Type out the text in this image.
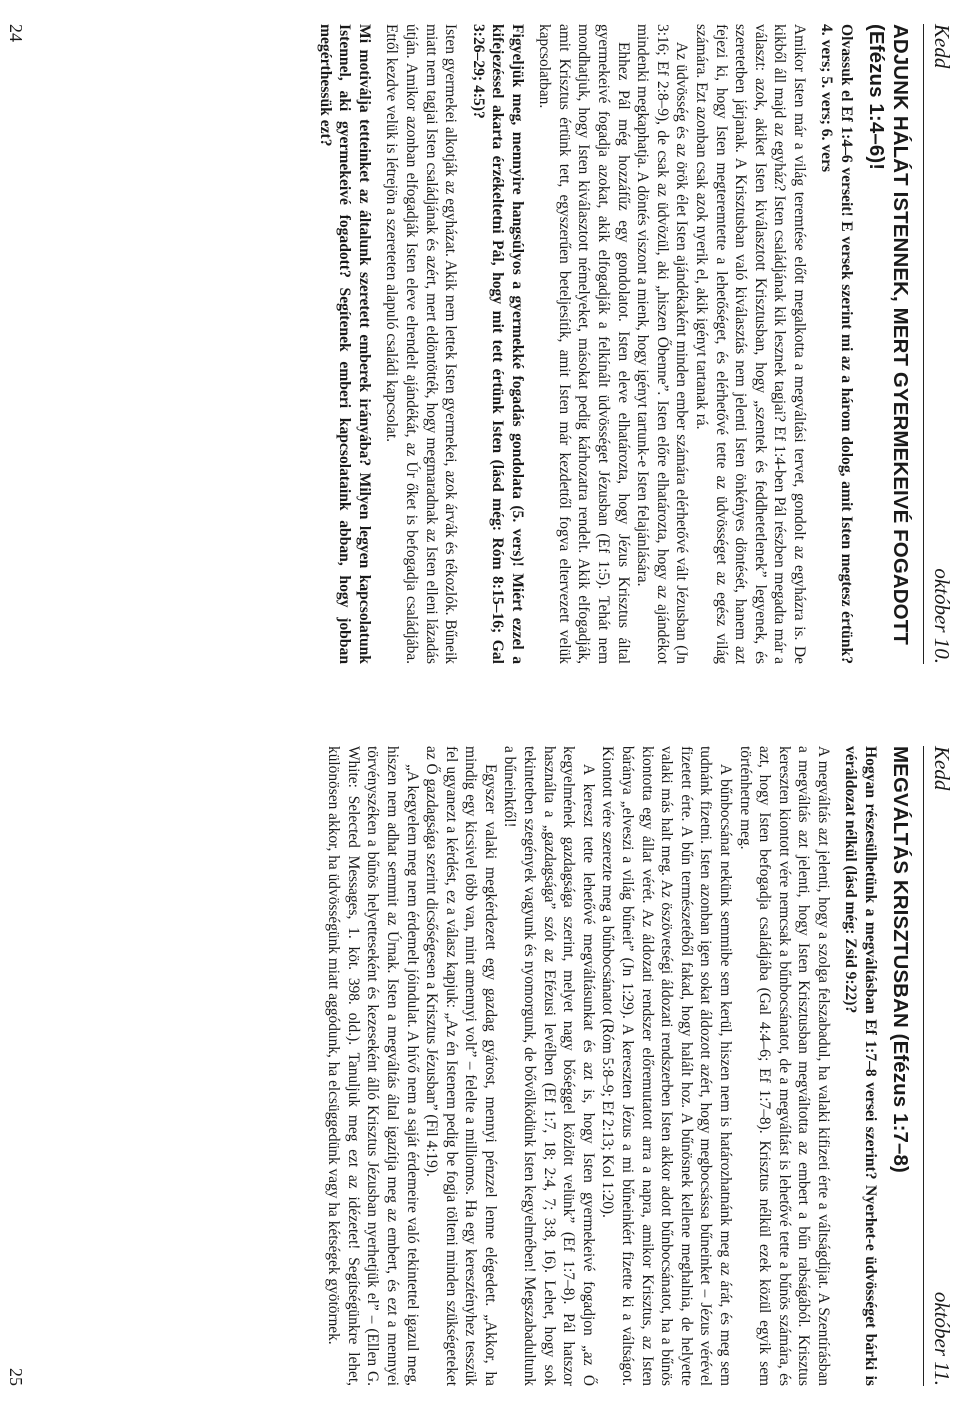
Kedd
október 10.
ADJUNK HÁLÁT ISTENNEK, MERT GYERMEKEIVÉ FOGADOTT (Efézus 1:4–6)!

Olvassuk el Ef 1:4–6 verseit! E versek szerint mi az a három dolog, amit Isten megtesz értünk? 4. vers; 5. vers; 6. vers

Amikor Isten már a világ teremtése előtt megalkotta a megváltási tervet, gondolt az egyházra is. De kikből áll majd az egyház? Isten családjának kik lesznek tagjai? Ef 1:4-ben Pál részben megadta már a választ: azok, akiket Isten kiválasztott Krisztusban, hogy „szentek és feddhetetlenek” legyenek, és szeretetben járjanak. A Krisztusban való kiválasztás nem jelenti Isten önkényes döntését, hanem azt fejezi ki, hogy Isten megteremtette a lehetőséget, és elérhetővé tette az üdvösséget az egész világ számára. Ezt azonban csak azok nyerik el, akik igényt tartanak rá.

Az üdvösség és az örök élet Isten ajándékaként minden ember számára elérhetővé vált Jézusban (Jn 3:16; Ef 2:8–9), de csak az üdvözül, aki „hiszen Őbenne”. Isten előre elhatározta, hogy az ajándékot mindenki megkaphatja. A döntés viszont a mienk, hogy igényt tartunk-e Isten felajánlására.

Ehhez Pál még hozzáfűz egy gondolatot. Isten eleve elhatározta, hogy Jézus Krisztus által gyermekeivé fogadja azokat, akik elfogadják a felkínált üdvösséget Jézusban (Ef 1:5). Tehát nem mondhatjuk, hogy Isten kiválasztott némelyeket, másokat pedig kárhozatra rendelt. Akik elfogadják, amit Krisztus értünk tett, egyszerűen beteljesítik, amit Isten már kezdettől fogva eltervezett velük kapcsolatban.

Figyeljük meg, mennyire hangsúlyos a gyermekké fogadás gondolata (5. vers)! Miért ezzel a kifejezéssel akarta érzékeltetni Pál, hogy mit tett értünk Isten (lásd még: Róm 8:15–16; Gal 3:26–29; 4:5)?

Isten gyermekei alkotják az egyházat. Akik nem lettek Isten gyermekei, azok árvák és tékozlók. Bűneik miatt nem tagjai Isten családjának és azért, mert eldöntötték, hogy megmaradnak az Isten elleni lázadás útján. Amikor azonban elfogadják Isten eleve elrendelt ajándékát, az Úr őket is befogadja családjába. Ettől kezdve velük is létrejön a szereteten alapuló családi kapcsolat.

Mi motiválja tetteinket az általunk szeretett emberek irányába? Milyen legyen kapcsolatunk Istennel, aki gyermekeivé fogadott? Segítenek emberi kapcsolataink abban, hogy jobban megérthessük ezt?

24
Kedd
október 11.
MEGVÁLTÁS KRISZTUSBAN (Efézus 1:7–8)

Hogyan részesülhetünk a megváltásban Ef 1:7–8 versei szerint? Nyerhet-e üdvösséget bárki is véráldozat nélkül (lásd még: Zsid 9:22)?

A megváltás azt jelenti, hogy a szolga felszabadul, ha valaki kifizeti érte a váltságdíjat. A Szentírásban a megváltás azt jelenti, hogy Isten Krisztusban megváltotta az embert a bűn rabságából. Krisztus kereszten kiontott vére nemcsak a bűnbocsánatot, de a megváltást is lehetővé tette a bűnös számára, és azt, hogy Isten befogadja családjába (Gal 4:4–6; Ef 1:7–8). Krisztus nélkül ezek közül egyik sem történhetne meg.

A bűnbocsánat nekünk semmibe sem kerül, hiszen nem is határozhatnánk meg az árát, és meg sem tudnánk fizetni. Isten azonban igen sokat áldozott azért, hogy megbocsássa bűneinket – Jézus vérével fizetett érte. A bűn természetéből fakad, hogy halált hoz. A bűnösnek kellene meghalnia, de helyette valaki más halt meg. Az öszövetségi áldozati rendszerben Isten akkor adott bűnbocsánatot, ha a bűnös kiontotta egy állat vérét. Az áldozati rendszer előremutatott arra a napra, amikor Krisztus, az Isten báránya „elveszi a világ bűneit” (Jn 1:29). A kereszten Jézus a mi bűneinkért fizette ki a váltságot. Kiontott vére szerezte meg a bűnbocsánatot (Róm 5:8–9; Ef 2:13; Kol 1:20).

A kereszt tette lehetővé megváltásunkat és azt is, hogy Isten gyermekeivé fogadjon „az Ő kegyelmének gazdagsága szerint, melyet nagy bőséggel közlött velünk” (Ef 1:7–8). Pál hatszor használta a „gazdagsága” szót az Efézusi levélben (Ef 1:7, 18; 2:4, 7; 3:8, 16). Lehet, hogy sok tekintetben szegények vagyunk és nyomorgunk, de bővölködünk Isten kegyelmében! Megszabadultunk a bűneinktől!

Egyszer valaki megkérdezett egy gazdag gyárost, mennyi pénzzel lenne elégedett. „Akkor, ha mindig egy kicsivel több van, mint amennyi volt” – felelte a milliomos. Ha egy keresztényhez tesszük fel ugyanezt a kérdést, ez a válasz kapjuk: „Az én Istenem pedig be fogja tölteni minden szükségeteket az Ő gazdagsága szerint dicsőségesen a Krisztus Jézusban” (Fil 4:19).

„A kegyelem meg nem érdemelt jóindulat. A hívő nem a saját érdemeire való tekintettel igazul meg, hiszen nem adhat semmit az Úrnak. Isten a megváltás által igazítja meg az embert, és ezt a mennyei törvényszéken a bűnös helyetteseként és kezeseként álló Krisztus Jézusban nyerhetjük el” – (Ellen G. White: Selected Messages, 1. köt. 398. old.). Tanuljuk meg ezt az idézetet! Segítségünkre lehet, különösen akkor, ha üdvösségünk miatt aggódunk, ha elcsüggedünk vagy ha kétségek gyötörnek.

25
